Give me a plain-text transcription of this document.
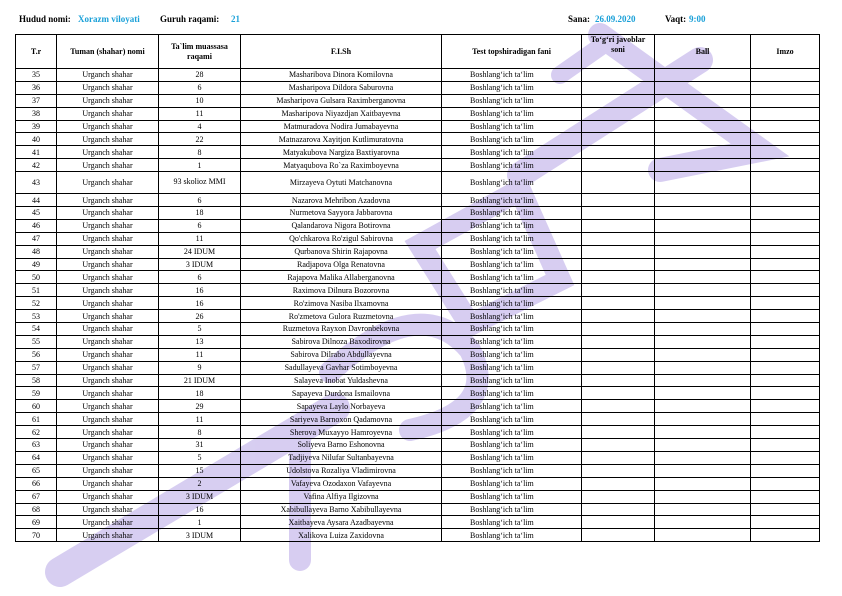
Hudud nomi: Xorazm viloyati Guruh raqami: 21	Sana: 26.09.2020	Vaqt: 9:00
T.r	Tuman (shahar) nomi	Ta`lim muassasa raqami	F.I.Sh	Test topshiradigan fani	To‘g‘ri javoblar soni	Ball	Imzo
35	Urganch shahar	28	Masharibova Dinora Komilovna	Boshlang‘ich ta‘lim			
36	Urganch shahar	6	Masharipova Dildora Saburovna	Boshlang‘ich ta‘lim			
37	Urganch shahar	10	Masharipova Gulsara Raximberganovna	Boshlang‘ich ta‘lim			
38	Urganch shahar	11	Masharipova Niyazdjan Xaitbayevna	Boshlang‘ich ta‘lim			
39	Urganch shahar	4	Matmuradova Nodira Jumabayevna	Boshlang‘ich ta‘lim			
40	Urganch shahar	22	Matnazarova Xayitjon Kutlimuratovna	Boshlang‘ich ta‘lim			
41	Urganch shahar	8	Matyakubova Nargiza Baxtiyarovna	Boshlang‘ich ta‘lim			
42	Urganch shahar	1	Matyaqubova Ro`za Raximboyevna	Boshlang‘ich ta‘lim			
43	Urganch shahar	93 skolioz MMI	Mirzayeva Oytuti Matchanovna	Boshlang‘ich ta‘lim			
44	Urganch shahar	6	Nazarova Mehribon Azadovna	Boshlang‘ich ta‘lim			
45	Urganch shahar	18	Nurmetova Sayyora Jabbarovna	Boshlang‘ich ta‘lim			
46	Urganch shahar	6	Qalandarova Nigora Botirovna	Boshlang‘ich ta‘lim			
47	Urganch shahar	11	Qo'chkarova Ro'zigul Sabirovna	Boshlang‘ich ta‘lim			
48	Urganch shahar	24 IDUM	Qurbanova Shirin Rajapovna	Boshlang‘ich ta‘lim			
49	Urganch shahar	3 IDUM	Radjapova Olga Renatovna	Boshlang‘ich ta‘lim			
50	Urganch shahar	6	Rajapova Malika Allaberganovna	Boshlang‘ich ta‘lim			
51	Urganch shahar	16	Raximova Dilnura Bozorovna	Boshlang‘ich ta‘lim			
52	Urganch shahar	16	Ro'zimova Nasiba Ilxamovna	Boshlang‘ich ta‘lim			
53	Urganch shahar	26	Ro'zmetova Gulora Ruzmetovna	Boshlang‘ich ta‘lim			
54	Urganch shahar	5	Ruzmetova Rayxon Davronbekovna	Boshlang‘ich ta‘lim			
55	Urganch shahar	13	Sabirova Dilnoza Baxodirovna	Boshlang‘ich ta‘lim			
56	Urganch shahar	11	Sabirova Dilrabo Abdullayevna	Boshlang‘ich ta‘lim			
57	Urganch shahar	9	Sadullayeva Gavhar Sotimboyevna	Boshlang‘ich ta‘lim			
58	Urganch shahar	21 IDUM	Salayeva Inobat Yuldashevna	Boshlang‘ich ta‘lim			
59	Urganch shahar	18	Sapayeva Durdona Ismailovna	Boshlang‘ich ta‘lim			
60	Urganch shahar	29	Sapayeva Laylo Norbayeva	Boshlang‘ich ta‘lim			
61	Urganch shahar	11	Sariyeva Barnoxon Qadamovna	Boshlang‘ich ta‘lim			
62	Urganch shahar	8	Sherova Muxayyo Hamroyevna	Boshlang‘ich ta‘lim			
63	Urganch shahar	31	Soliyeva Barno Eshonovna	Boshlang‘ich ta‘lim			
64	Urganch shahar	5	Tadjiyeva Nilufar Sultanbayevna	Boshlang‘ich ta‘lim			
65	Urganch shahar	15	Udolstova Rozaliya Vladimirovna	Boshlang‘ich ta‘lim			
66	Urganch shahar	2	Vafayeva Ozodaxon Vafayevna	Boshlang‘ich ta‘lim			
67	Urganch shahar	3 IDUM	Vafina Alfiya Ilgizovna	Boshlang‘ich ta‘lim			
68	Urganch shahar	16	Xabibullayeva Barno Xabibullayevna	Boshlang‘ich ta‘lim			
69	Urganch shahar	1	Xaitbayeva Aysara Azadbayevna	Boshlang‘ich ta‘lim			
70	Urganch shahar	3 IDUM	Xalikova Luiza Zaxidovna	Boshlang‘ich ta‘lim			
